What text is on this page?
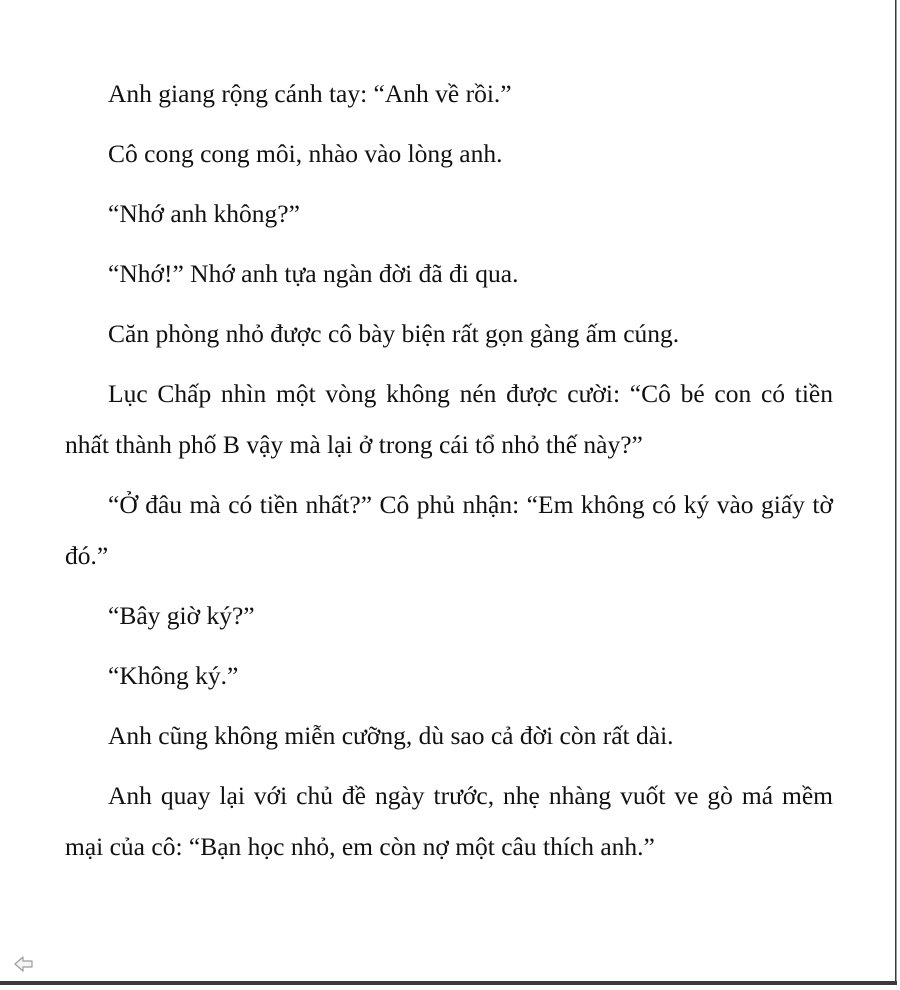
Anh giang rộng cánh tay: “Anh về rồi.”

Cô cong cong môi, nhào vào lòng anh.

“Nhớ anh không?”

“Nhớ!” Nhớ anh tựa ngàn đời đã đi qua.

Căn phòng nhỏ được cô bày biện rất gọn gàng ấm cúng.

Lục Chấp nhìn một vòng không nén được cười: “Cô bé con có tiền nhất thành phố B vậy mà lại ở trong cái tổ nhỏ thế này?”

“Ở đâu mà có tiền nhất?” Cô phủ nhận: “Em không có ký vào giấy tờ đó.”

“Bây giờ ký?”

“Không ký.”

Anh cũng không miễn cưỡng, dù sao cả đời còn rất dài.

Anh quay lại với chủ đề ngày trước, nhẹ nhàng vuốt ve gò má mềm mại của cô: “Bạn học nhỏ, em còn nợ một câu thích anh.”
